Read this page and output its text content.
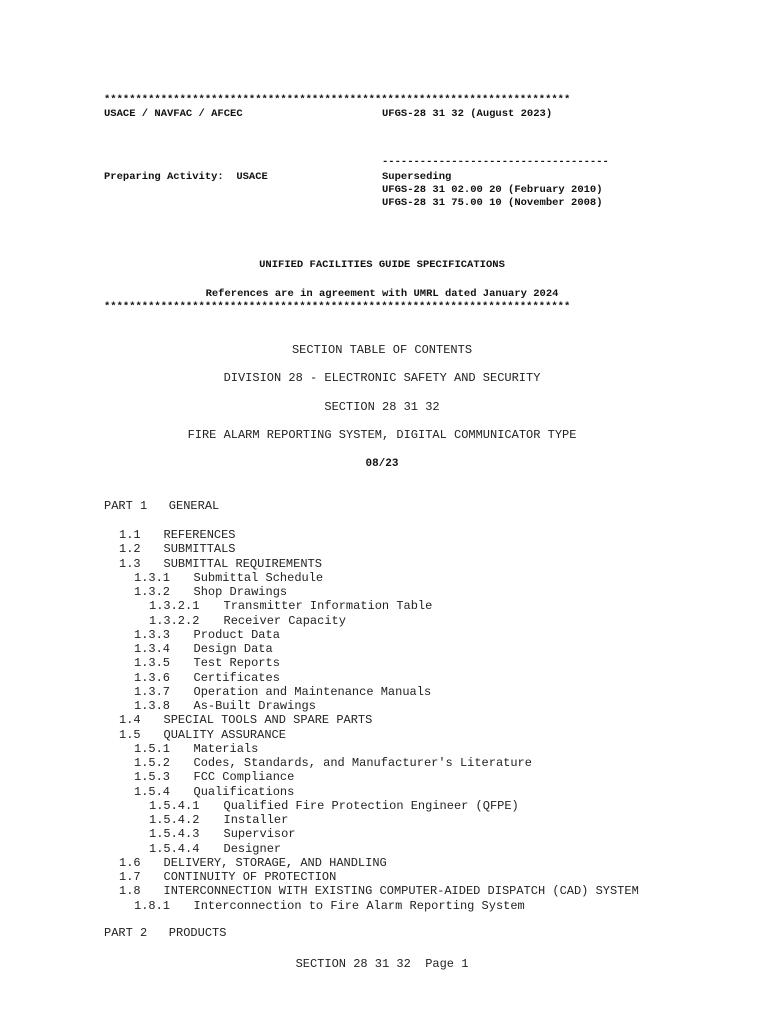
**************************************************************************
USACE / NAVFAC / AFCEC	UFGS-28 31 32 (August 2023)
------------------------------------
Preparing Activity:  USACE	Superseding
UFGS-28 31 02.00 20 (February 2010)
UFGS-28 31 75.00 10 (November 2008)
UNIFIED FACILITIES GUIDE SPECIFICATIONS
References are in agreement with UMRL dated January 2024
**************************************************************************
SECTION TABLE OF CONTENTS
DIVISION 28 - ELECTRONIC SAFETY AND SECURITY
SECTION 28 31 32
FIRE ALARM REPORTING SYSTEM, DIGITAL COMMUNICATOR TYPE
08/23
PART 1   GENERAL
1.1 REFERENCES
1.2 SUBMITTALS
1.3 SUBMITTAL REQUIREMENTS
1.3.1 Submittal Schedule
1.3.2 Shop Drawings
1.3.2.1 Transmitter Information Table
1.3.2.2 Receiver Capacity
1.3.3 Product Data
1.3.4 Design Data
1.3.5 Test Reports
1.3.6 Certificates
1.3.7 Operation and Maintenance Manuals
1.3.8 As-Built Drawings
1.4 SPECIAL TOOLS AND SPARE PARTS
1.5 QUALITY ASSURANCE
1.5.1 Materials
1.5.2 Codes, Standards, and Manufacturer's Literature
1.5.3 FCC Compliance
1.5.4 Qualifications
1.5.4.1 Qualified Fire Protection Engineer (QFPE)
1.5.4.2 Installer
1.5.4.3 Supervisor
1.5.4.4 Designer
1.6 DELIVERY, STORAGE, AND HANDLING
1.7 CONTINUITY OF PROTECTION
1.8 INTERCONNECTION WITH EXISTING COMPUTER-AIDED DISPATCH (CAD) SYSTEM
1.8.1 Interconnection to Fire Alarm Reporting System
PART 2   PRODUCTS
SECTION 28 31 32  Page 1
